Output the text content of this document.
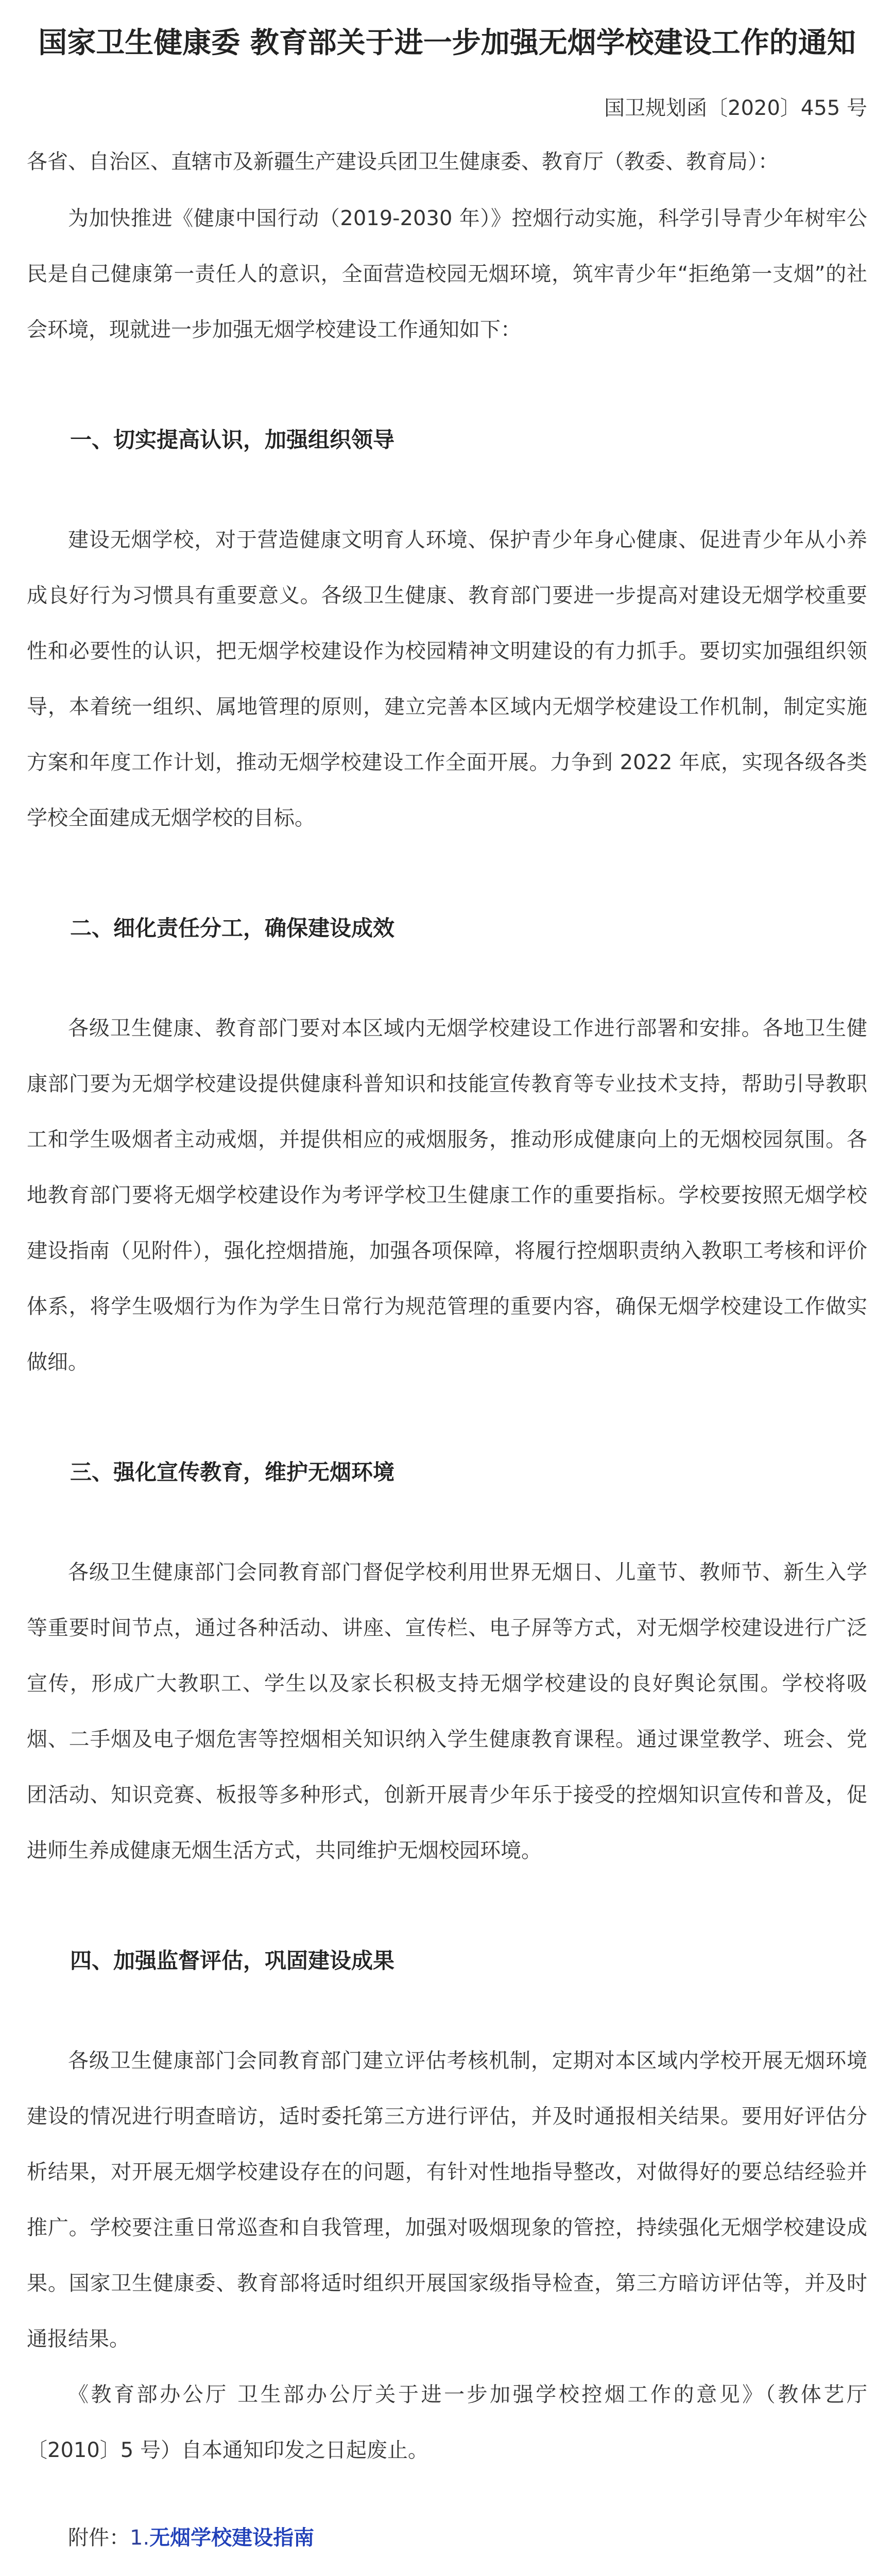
国家卫生健康委 教育部关于进一步加强无烟学校建设工作的通知
国卫规划函〔2020〕455 号
各省、自治区、直辖市及新疆生产建设兵团卫生健康委、教育厅（教委、教育局）：

为加快推进《健康中国行动（2019-2030 年）》控烟行动实施，科学引导青少年树牢公民是自己健康第一责任人的意识，全面营造校园无烟环境，筑牢青少年“拒绝第一支烟”的社会环境，现就进一步加强无烟学校建设工作通知如下：

一、切实提高认识，加强组织领导

建设无烟学校，对于营造健康文明育人环境、保护青少年身心健康、促进青少年从小养成良好行为习惯具有重要意义。各级卫生健康、教育部门要进一步提高对建设无烟学校重要性和必要性的认识，把无烟学校建设作为校园精神文明建设的有力抓手。要切实加强组织领导，本着统一组织、属地管理的原则，建立完善本区域内无烟学校建设工作机制，制定实施方案和年度工作计划，推动无烟学校建设工作全面开展。力争到 2022 年底，实现各级各类学校全面建成无烟学校的目标。

二、细化责任分工，确保建设成效

各级卫生健康、教育部门要对本区域内无烟学校建设工作进行部署和安排。各地卫生健康部门要为无烟学校建设提供健康科普知识和技能宣传教育等专业技术支持，帮助引导教职工和学生吸烟者主动戒烟，并提供相应的戒烟服务，推动形成健康向上的无烟校园氛围。各地教育部门要将无烟学校建设作为考评学校卫生健康工作的重要指标。学校要按照无烟学校建设指南（见附件），强化控烟措施，加强各项保障，将履行控烟职责纳入教职工考核和评价体系，将学生吸烟行为作为学生日常行为规范管理的重要内容，确保无烟学校建设工作做实做细。

三、强化宣传教育，维护无烟环境

各级卫生健康部门会同教育部门督促学校利用世界无烟日、儿童节、教师节、新生入学等重要时间节点，通过各种活动、讲座、宣传栏、电子屏等方式，对无烟学校建设进行广泛宣传，形成广大教职工、学生以及家长积极支持无烟学校建设的良好舆论氛围。学校将吸烟、二手烟及电子烟危害等控烟相关知识纳入学生健康教育课程。通过课堂教学、班会、党团活动、知识竞赛、板报等多种形式，创新开展青少年乐于接受的控烟知识宣传和普及，促进师生养成健康无烟生活方式，共同维护无烟校园环境。

四、加强监督评估，巩固建设成果

各级卫生健康部门会同教育部门建立评估考核机制，定期对本区域内学校开展无烟环境建设的情况进行明查暗访，适时委托第三方进行评估，并及时通报相关结果。要用好评估分析结果，对开展无烟学校建设存在的问题，有针对性地指导整改，对做得好的要总结经验并推广。学校要注重日常巡查和自我管理，加强对吸烟现象的管控，持续强化无烟学校建设成果。国家卫生健康委、教育部将适时组织开展国家级指导检查，第三方暗访评估等，并及时通报结果。

《教育部办公厅 卫生部办公厅关于进一步加强学校控烟工作的意见》（教体艺厅〔2010〕5 号）自本通知印发之日起废止。

附件：1.无烟学校建设指南
